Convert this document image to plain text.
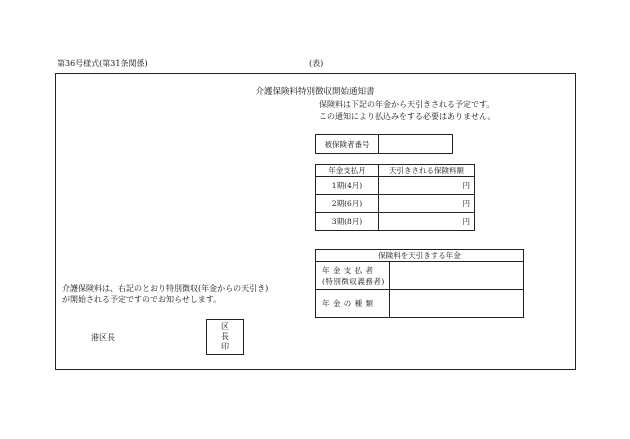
第36号様式(第31条関係)	(表)
介護保険料特別徴収開始通知書
保険料は下記の年金から天引きされる予定です。
この通知により払込みをする必要はありません。
被保険者番号	
年金支払月	天引きされる保険料額
1期(4月)	円
2期(6月)	円
3期(8月)	円
保険料を天引きする年金	

年 金 支 払 者
(特別徴収義務者)	

年 金 の 種 類	
介護保険料は、右記のとおり特別徴収(年金からの天引き)
が開始される予定ですのでお知らせします。
港区長
区
長
印
